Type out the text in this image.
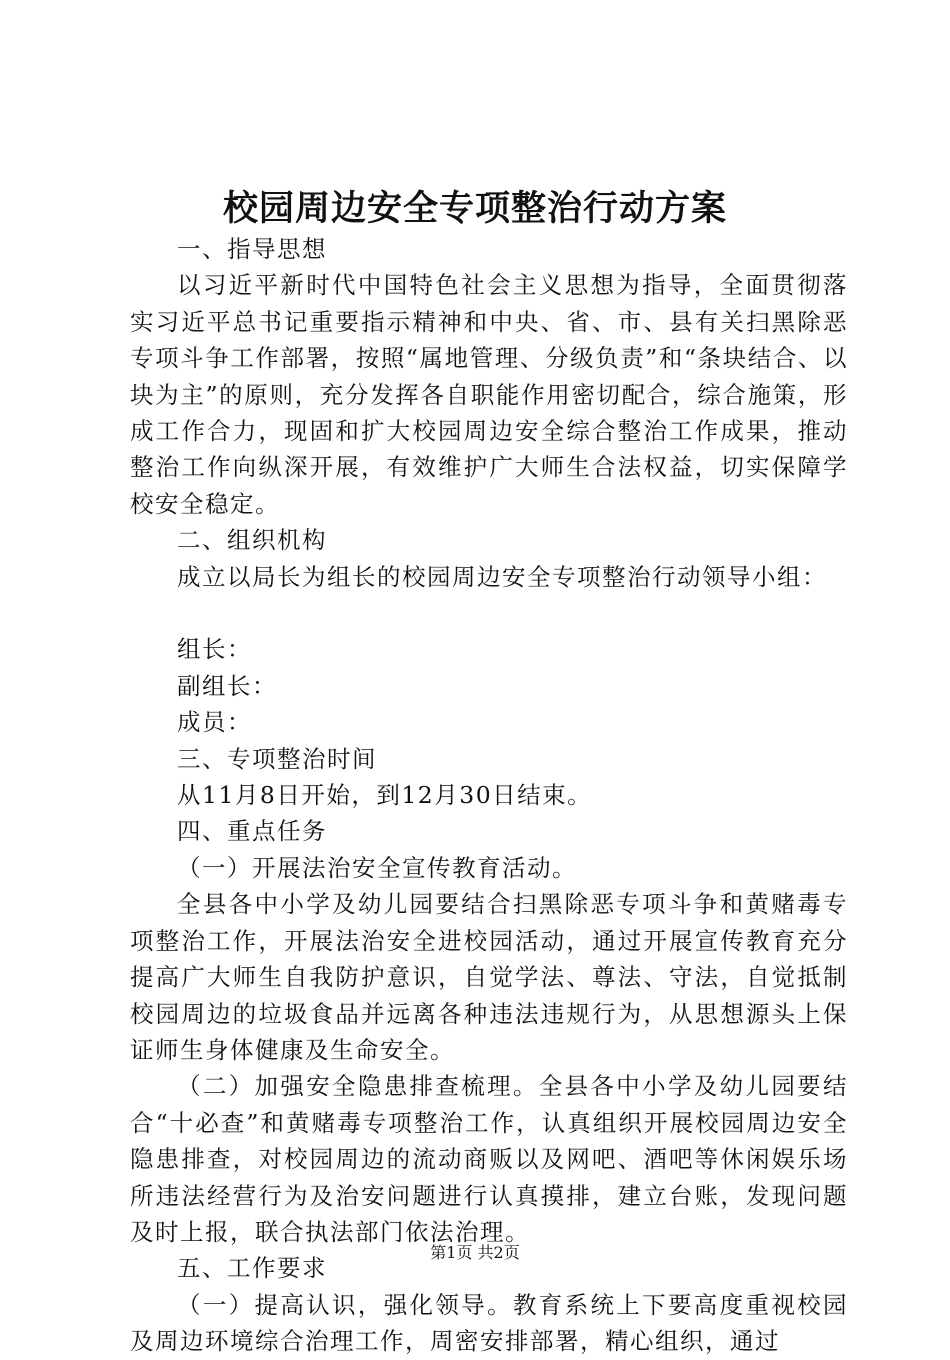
校园周边安全专项整治行动方案

一、指导思想

以习近平新时代中国特色社会主义思想为指导，全面贯彻落实习近平总书记重要指示精神和中央、省、市、县有关扫黑除恶专项斗争工作部署，按照“属地管理、分级负责”和“条块结合、以块为主”的原则，充分发挥各自职能作用密切配合，综合施策，形成工作合力，现固和扩大校园周边安全综合整治工作成果，推动整治工作向纵深开展，有效维护广大师生合法权益，切实保障学校安全稳定。

二、组织机构

成立以局长为组长的校园周边安全专项整治行动领导小组：

组长：

副组长：

成员：

三、专项整治时间

从11月8日开始，到12月30日结束。

四、重点任务

（一）开展法治安全宣传教育活动。

全县各中小学及幼儿园要结合扫黑除恶专项斗争和黄赌毒专项整治工作，开展法治安全进校园活动，通过开展宣传教育充分提高广大师生自我防护意识，自觉学法、尊法、守法，自觉抵制校园周边的垃圾食品并远离各种违法违规行为，从思想源头上保证师生身体健康及生命安全。

（二）加强安全隐患排查梳理。全县各中小学及幼儿园要结合“十必查”和黄赌毒专项整治工作，认真组织开展校园周边安全隐患排查，对校园周边的流动商贩以及网吧、酒吧等休闲娱乐场所违法经营行为及治安问题进行认真摸排，建立台账，发现问题及时上报，联合执法部门依法治理。

五、工作要求

（一）提高认识，强化领导。教育系统上下要高度重视校园及周边环境综合治理工作，周密安排部署，精心组织，通过

第1页 共2页
